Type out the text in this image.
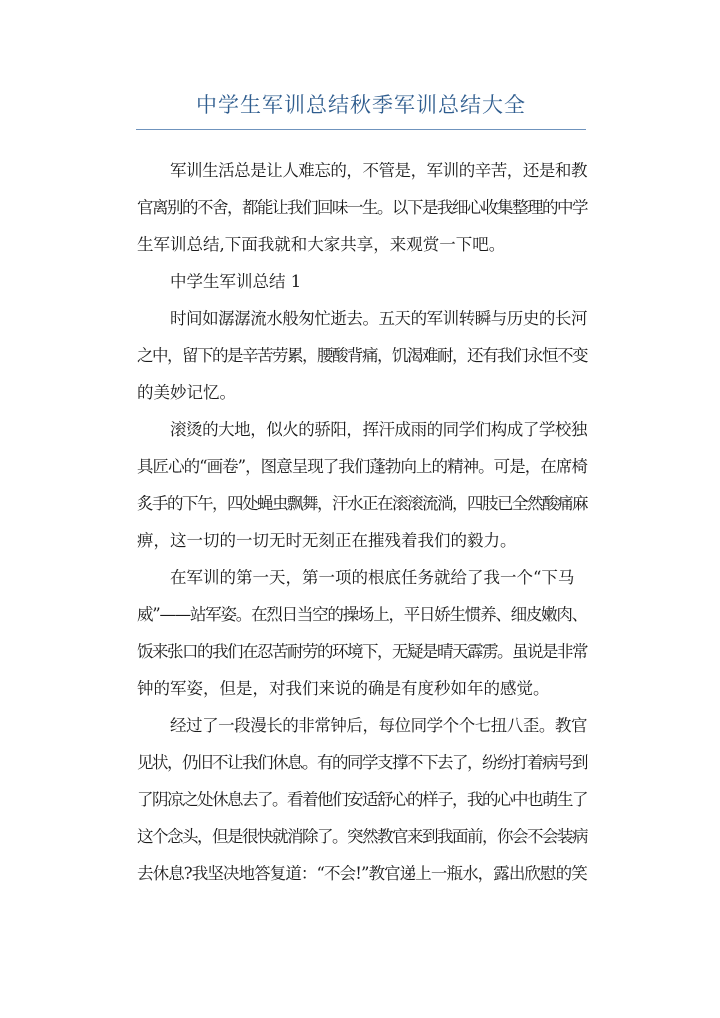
中学生军训总结秋季军训总结大全
军训生活总是让人难忘的，不管是，军训的辛苦，还是和教
官离别的不舍，都能让我们回味一生。以下是我细心收集整理的中学
生军训总结,下面我就和大家共享，来观赏一下吧。
中学生军训总结 1
时间如潺潺流水般匆忙逝去。五天的军训转瞬与历史的长河
之中，留下的是辛苦劳累，腰酸背痛，饥渴难耐，还有我们永恒不变
的美妙记忆。
滚烫的大地，似火的骄阳，挥汗成雨的同学们构成了学校独
具匠心的“画卷”，图意呈现了我们蓬勃向上的精神。可是，在席椅
炙手的下午，四处蝇虫飘舞，汗水正在滚滚流淌，四肢已全然酸痛麻
痹，这一切的一切无时无刻正在摧残着我们的毅力。
在军训的第一天，第一项的根底任务就给了我一个“下马
威”——站军姿。在烈日当空的操场上，平日娇生惯养、细皮嫩肉、
饭来张口的我们在忍苦耐劳的环境下，无疑是晴天霹雳。虽说是非常
钟的军姿，但是，对我们来说的确是有度秒如年的感觉。
经过了一段漫长的非常钟后，每位同学个个七扭八歪。教官
见状，仍旧不让我们休息。有的同学支撑不下去了，纷纷打着病号到
了阴凉之处休息去了。看着他们安适舒心的样子，我的心中也萌生了
这个念头，但是很快就消除了。突然教官来到我面前，你会不会装病
去休息?我坚决地答复道：“不会!”教官递上一瓶水，露出欣慰的笑
